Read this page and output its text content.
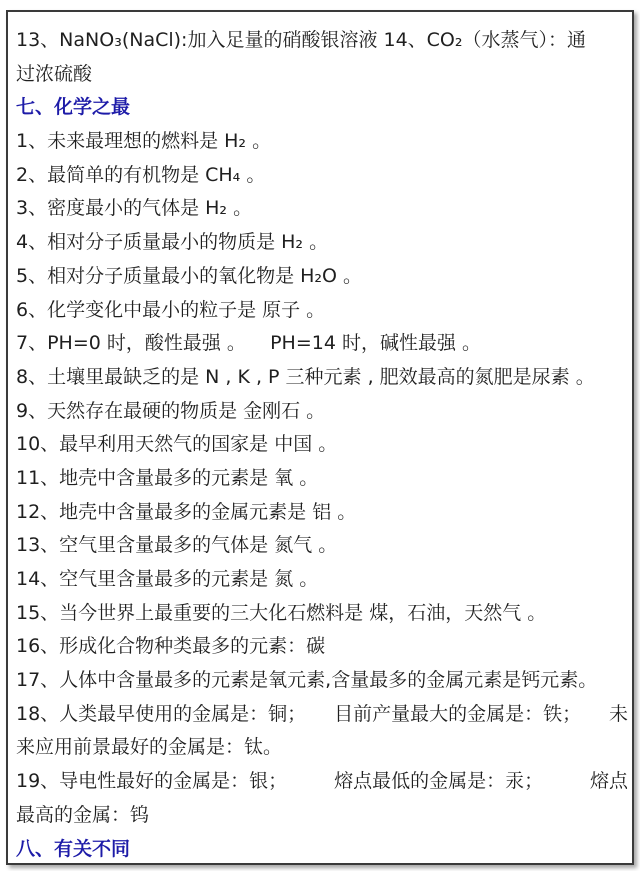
13、NaNO₃(NaCl):加入足量的硝酸银溶液 14、CO₂（水蒸气）：通
过浓硫酸
七、化学之最
1、未来最理想的燃料是 H₂ 。
2、最简单的有机物是 CH₄ 。
3、密度最小的气体是 H₂ 。
4、相对分子质量最小的物质是 H₂ 。
5、相对分子质量最小的氧化物是 H₂O 。
6、化学变化中最小的粒子是 原子 。
7、PH=0 时，酸性最强 。    PH=14 时，碱性最强 。
8、土壤里最缺乏的是 N , K , P 三种元素 , 肥效最高的氮肥是尿素 。
9、天然存在最硬的物质是 金刚石 。
10、最早利用天然气的国家是 中国 。
11、地壳中含量最多的元素是 氧 。
12、地壳中含量最多的金属元素是 铝 。
13、空气里含量最多的气体是 氮气 。
14、空气里含量最多的元素是 氮 。
15、当今世界上最重要的三大化石燃料是 煤，石油，天然气 。
16、形成化合物种类最多的元素：碳
17、人体中含量最多的元素是氧元素,含量最多的金属元素是钙元素。
18、人类最早使用的金属是：铜； 目前产量最大的金属是：铁； 未
来应用前景最好的金属是：钛。
19、导电性最好的金属是：银； 熔点最低的金属是：汞； 熔点
最高的金属：钨
八、有关不同
